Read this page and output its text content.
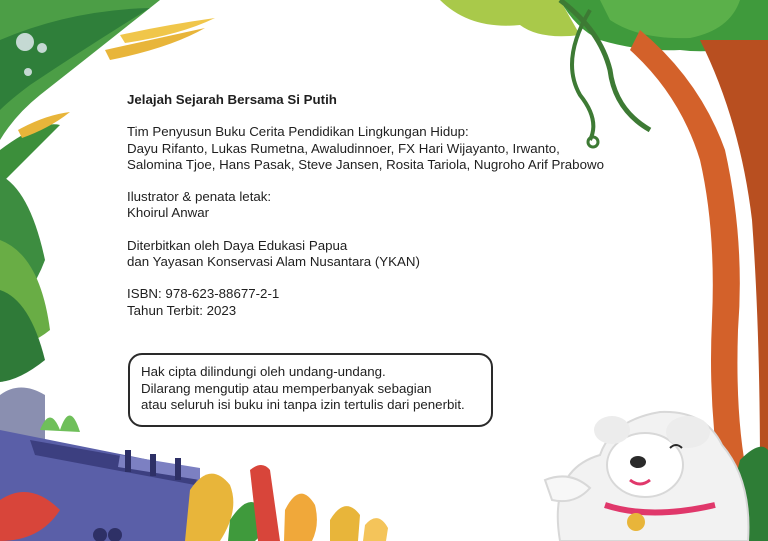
Jelajah Sejarah Bersama Si Putih

Tim Penyusun Buku Cerita Pendidikan Lingkungan Hidup:
Dayu Rifanto, Lukas Rumetna, Awaludinnoer, FX Hari Wijayanto, Irwanto,
Salomina Tjoe, Hans Pasak, Steve Jansen, Rosita Tariola, Nugroho Arif Prabowo

Ilustrator & penata letak:
Khoirul Anwar

Diterbitkan oleh Daya Edukasi Papua
dan Yayasan Konservasi Alam Nusantara (YKAN)

ISBN: 978-623-88677-2-1
Tahun Terbit: 2023

Hak cipta dilindungi oleh undang-undang.
Dilarang mengutip atau memperbanyak sebagian
atau seluruh isi buku ini tanpa izin tertulis dari penerbit.
